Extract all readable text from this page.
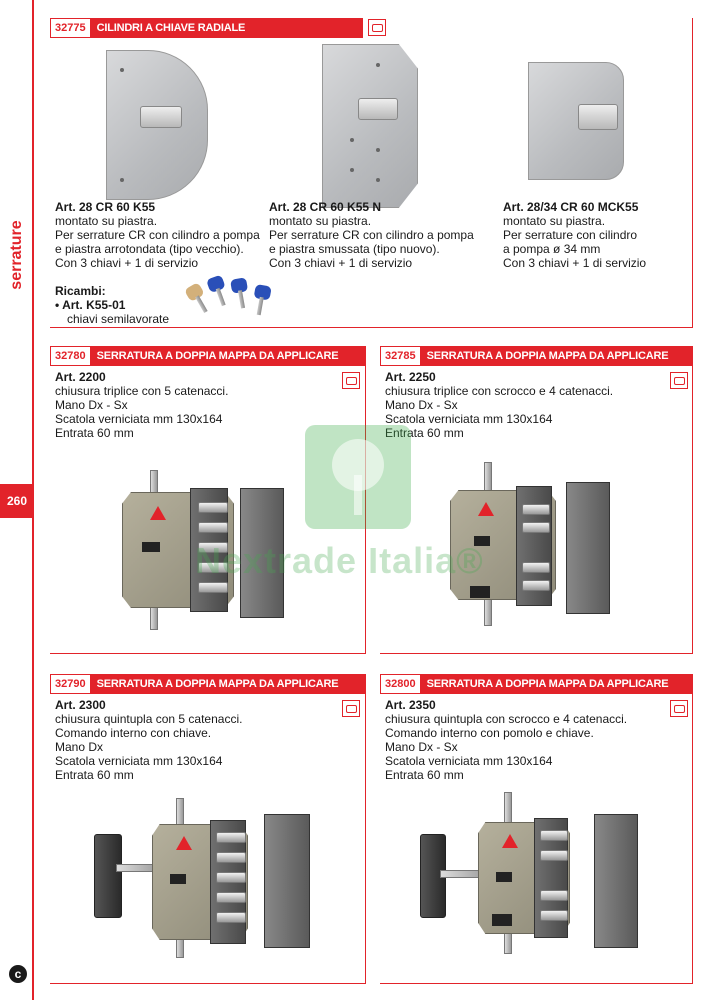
serrature
260
c
32775	CILINDRI A CHIAVE RADIALE
Art. 28 CR 60 K55
montato su piastra.
Per serrature CR con cilindro a pompa
e piastra arrotondata (tipo vecchio).
Con 3 chiavi + 1 di servizio
Art. 28 CR 60 K55 N
montato su piastra.
Per serrature CR con cilindro a pompa
e piastra smussata (tipo nuovo).
Con 3 chiavi + 1 di servizio
Art. 28/34 CR 60 MCK55
montato su piastra.
Per serrature con cilindro
a pompa ø 34 mm
Con 3 chiavi + 1 di servizio
Ricambi:
• Art. K55-01
chiavi semilavorate
32780	SERRATURA A DOPPIA MAPPA DA APPLICARE
Art. 2200
chiusura triplice con 5 catenacci.
Mano Dx - Sx
Scatola verniciata mm 130x164
Entrata 60 mm
32785	SERRATURA A DOPPIA MAPPA DA APPLICARE
Art. 2250
chiusura triplice con scrocco e 4 catenacci.
Mano Dx - Sx
Scatola verniciata mm 130x164
Entrata 60 mm
32790	SERRATURA A DOPPIA MAPPA DA APPLICARE
Art. 2300
chiusura quintupla con 5 catenacci.
Comando interno con chiave.
Mano Dx
Scatola verniciata mm 130x164
Entrata 60 mm
32800	SERRATURA A DOPPIA MAPPA DA APPLICARE
Art. 2350
chiusura quintupla con scrocco e 4 catenacci.
Comando interno con pomolo e chiave.
Mano Dx - Sx
Scatola verniciata mm 130x164
Entrata 60 mm
Nextrade Italia®
